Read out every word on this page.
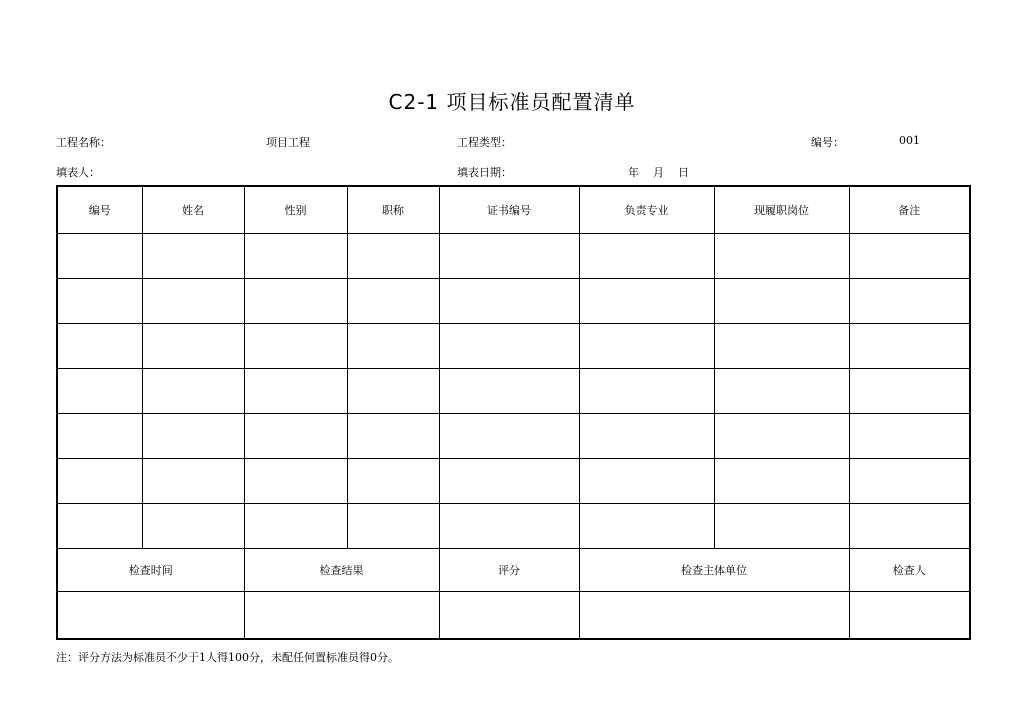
C2-1 项目标准员配置清单
工程名称：	项目工程	工程类型：	编号：	001
填表人：	填表日期：	年 月 日
编号	姓名	性别	职称	证书编号	负责专业	现履职岗位	备注

检查时间		检查结果		评分	检查主体单位		检查人

注：评分方法为标准员不少于1人得100分，未配任何置标准员得0分。
